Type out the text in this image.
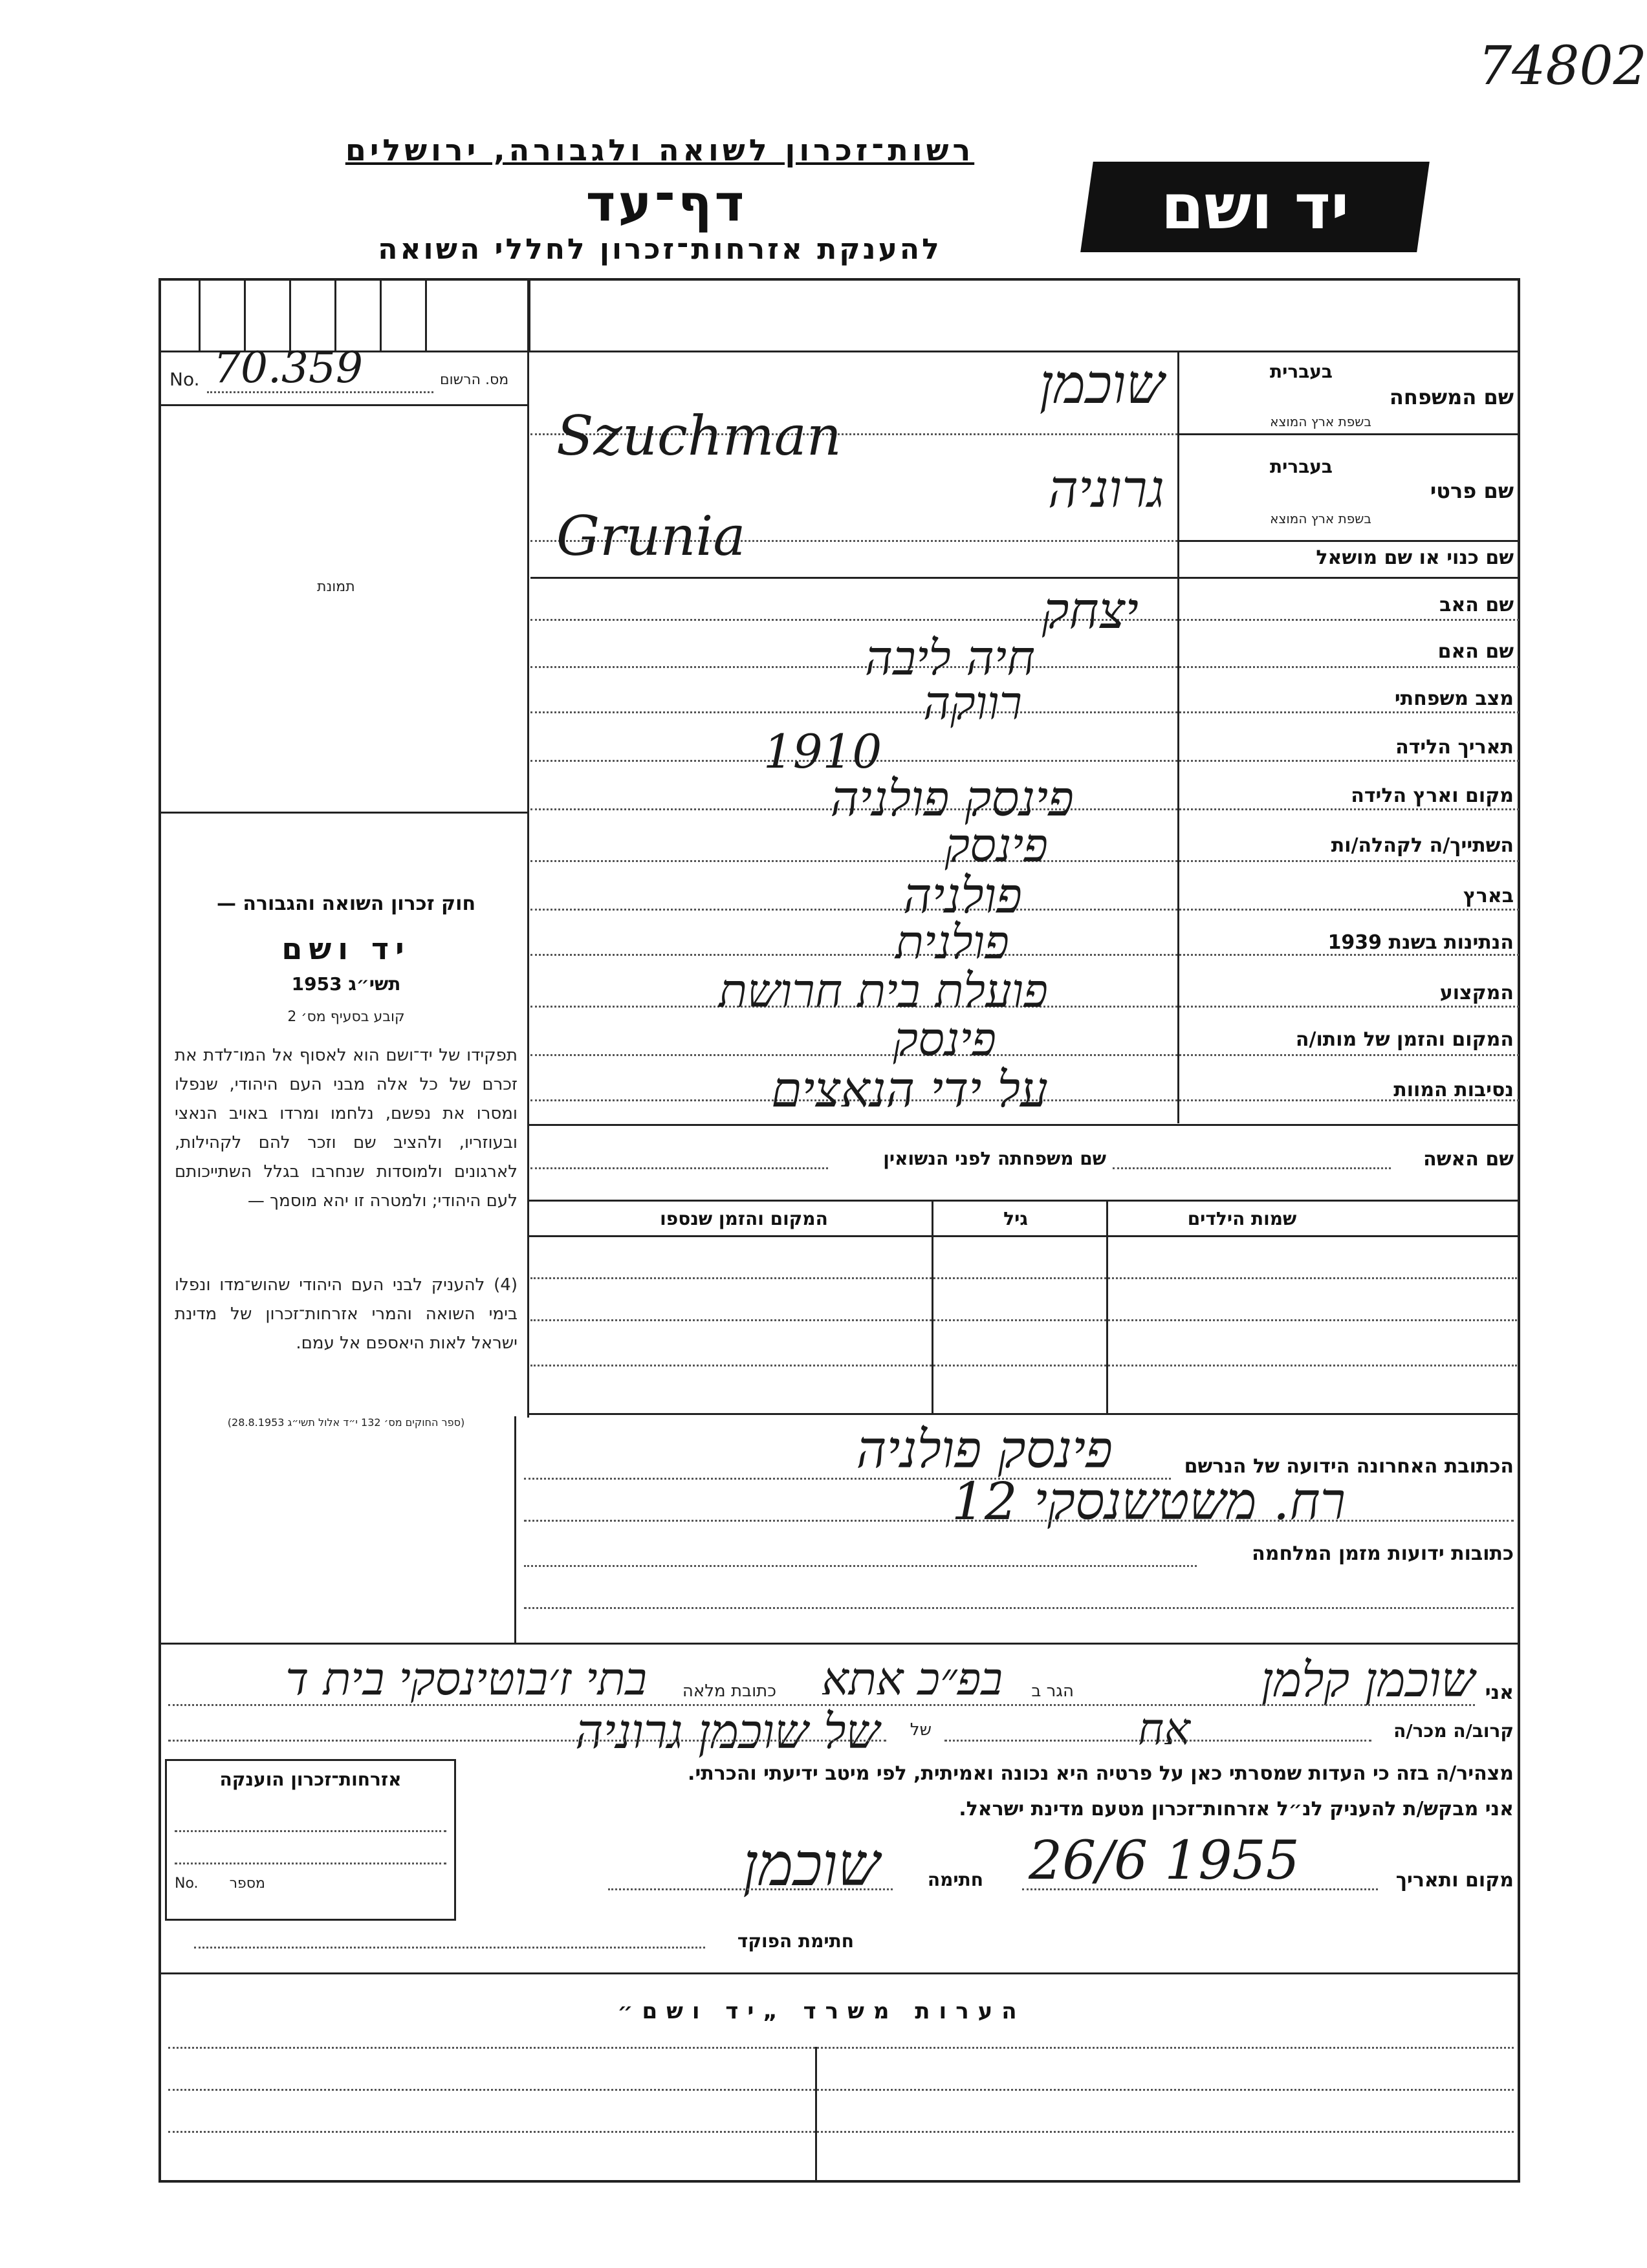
74802
רשות־זכרון לשואה ולגבורה, ירושלים
דף־עד
להענקת אזרחות־זכרון לחללי השואה
יד ושם
מס. הרשום
No. 70.359
תמונת
שם המשפחה
בעברית
בשפת ארץ המוצא
שם פרטי
בעברית
בשפת ארץ המוצא
שם כנוי או שם מושאל
שם האב
שם האם
מצב משפחתי
תאריך הלידה
מקום וארץ הלידה
השתייך/ה לקהלה/ות
בארץ
הנתינות בשנת 1939
המקצוע
המקום והזמן של מותו/ה
נסיבות המוות
שוכמן
Szuchman
גרוניה
Grunia
יצחק
חיה ליבה
רווקה
1910
פינסק פולניה
פינסק
פולניה
פולנית
פועלת בית חרושת
פינסק
על ידי הנאצים
שם האשה
שם משפחתה לפני הנשואין
שמות הילדים
גיל
המקום והזמן שנספו
חוק זכרון השואה והגבורה —
יד ושם
תשי״ג 1953
קובע בסעיף מס׳ 2
תפקידו של יד־ושם הוא לאסוף אל המו־לדת את זכרם של כל אלה מבני העם היהודי, שנפלו ומסרו את נפשם, נלחמו ומרדו באויב הנאצי ובעוזריו, ולהציב שם וזכר להם לקהילות, לארגונים ולמוסדות שנחרבו בגלל השתייכותם לעם היהודי; ולמטרה זו יהא מוסמך —
(4) להעניק לבני העם היהודי שהוש־מדו ונפלו בימי השואה והמרי אזרחות־זכרון של מדינת ישראל לאות היאספם אל עמם.
(ספר החוקים מס׳ 132 י״ד אלול תשי״ג 28.8.1953)
הכתובת האחרונה הידועה של הנרשם
פינסק פולניה
רח. משטשנסקי 12
כתובות ידועות מזמן המלחמה
אני
שוכמן קלמן
הגר ב
בפ״כ אתא
כתובת מלאה
בתי ז׳בוטינסקי בית ד
קרוב/ה מכר/ה
אח
של
של שוכמן גרוניה
מצהיר/ה בזה כי העדות שמסרתי כאן על פרטיה היא נכונה ואמיתית, לפי מיטב ידיעתי והכרתי.
אני מבקש/ת להעניק לנ״ל אזרחות־זכרון מטעם מדינת ישראל.
מקום ותאריך
26/6 1955
חתימה
שוכמן
חתימת הפוקד
אזרחות־זכרון הוענקה
מספר
No.
הערות משרד „יד ושם״
